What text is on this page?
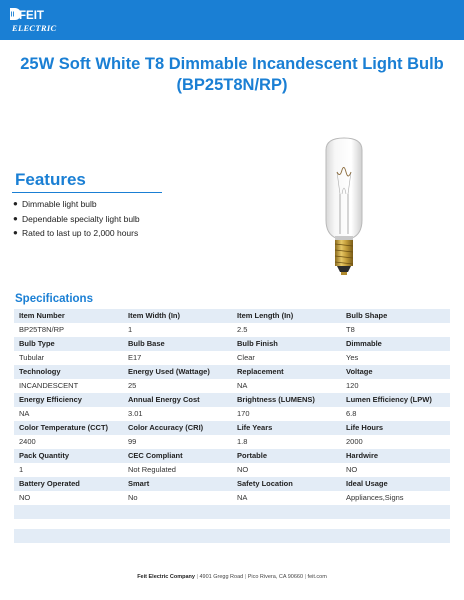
FEIT
ELECTRIC
25W Soft White T8 Dimmable Incandescent Light Bulb
(BP25T8N/RP)
Features
● Dimmable light bulb
● Dependable specialty light bulb
● Rated to last up to 2,000 hours
Specifications
Item Number	Item Width (In)	Item Length (In)	Bulb Shape
BP25T8N/RP	1	2.5	T8
Bulb Type	Bulb Base	Bulb Finish	Dimmable
Tubular	E17	Clear	Yes
Technology	Energy Used (Wattage)	Replacement	Voltage
INCANDESCENT	25	NA	120
Energy Efficiency	Annual Energy Cost	Brightness (LUMENS)	Lumen Efficiency (LPW)
NA	3.01	170	6.8
Color Temperature (CCT)	Color Accuracy (CRI)	Life Years	Life Hours
2400	99	1.8	2000
Pack Quantity	CEC Compliant	Portable	Hardwire
1	Not Regulated	NO	NO
Battery Operated	Smart	Safety Location	Ideal Usage
NO	No	NA	Appliances,Signs

Feit Electric Company | 4901 Gregg Road | Pico Rivera, CA 90660 | feit.com
